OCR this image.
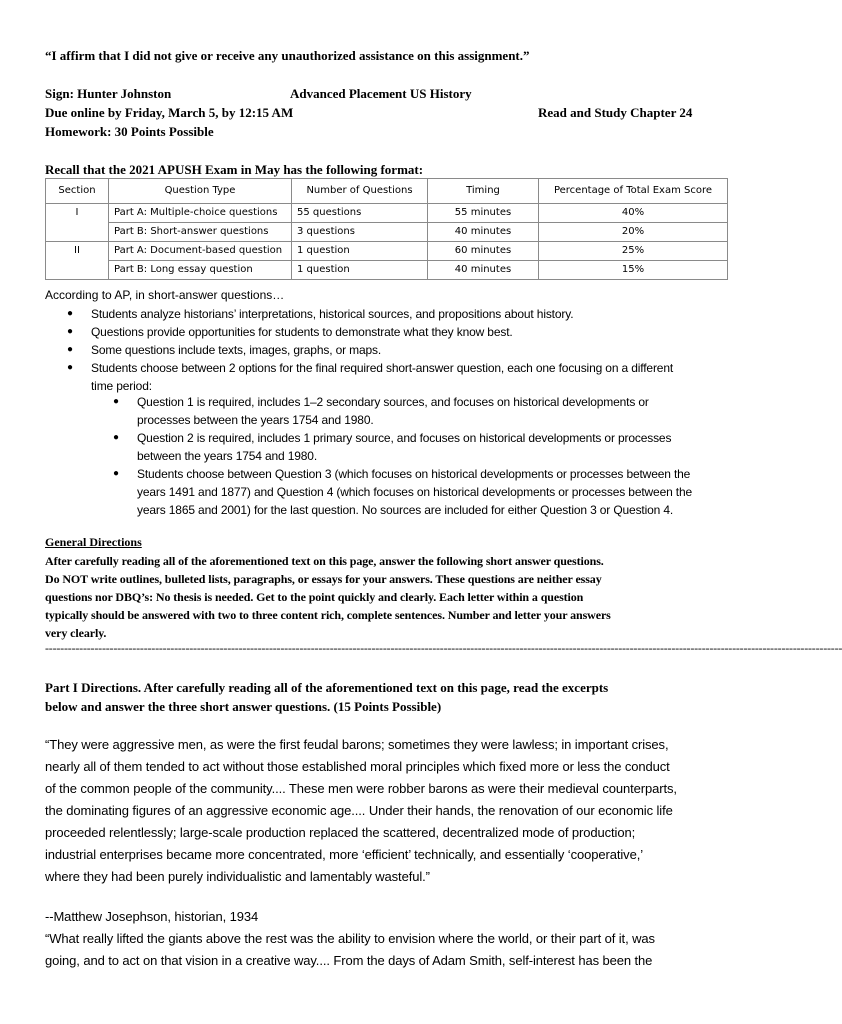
“I affirm that I did not give or receive any unauthorized assistance on this assignment.”
Sign: Hunter Johnston	Advanced Placement US History
Due online by Friday, March 5, by 12:15 AM	Read and Study Chapter 24
Homework: 30 Points Possible
Recall that the 2021 APUSH Exam in May has the following format:
Section	Question Type	Number of Questions	Timing	Percentage of Total Exam Score
I	Part A: Multiple-choice questions	55 questions	55 minutes	40%
	Part B: Short-answer questions	3 questions	40 minutes	20%
II	Part A: Document-based question	1 question	60 minutes	25%
	Part B: Long essay question	1 question	40 minutes	15%
According to AP, in short-answer questions…
● Students analyze historians’ interpretations, historical sources, and propositions about history.
● Questions provide opportunities for students to demonstrate what they know best.
● Some questions include texts, images, graphs, or maps.
● Students choose between 2 options for the final required short-answer question, each one focusing on a different
time period:
● Question 1 is required, includes 1–2 secondary sources, and focuses on historical developments or
processes between the years 1754 and 1980.
● Question 2 is required, includes 1 primary source, and focuses on historical developments or processes
between the years 1754 and 1980.
● Students choose between Question 3 (which focuses on historical developments or processes between the
years 1491 and 1877) and Question 4 (which focuses on historical developments or processes between the
years 1865 and 2001) for the last question. No sources are included for either Question 3 or Question 4.
General Directions
After carefully reading all of the aforementioned text on this page, answer the following short answer questions.
Do NOT write outlines, bulleted lists, paragraphs, or essays for your answers. These questions are neither essay
questions nor DBQ’s: No thesis is needed. Get to the point quickly and clearly. Each letter within a question
typically should be answered with two to three content rich, complete sentences. Number and letter your answers
very clearly.
------------------------------------------------------------------------------------------------------------------------------------------------------------------------------------------------------------------
Part I Directions. After carefully reading all of the aforementioned text on this page, read the excerpts
below and answer the three short answer questions. (15 Points Possible)
“They were aggressive men, as were the first feudal barons; sometimes they were lawless; in important crises,
nearly all of them tended to act without those established moral principles which fixed more or less the conduct
of the common people of the community.... These men were robber barons as were their medieval counterparts,
the dominating figures of an aggressive economic age.... Under their hands, the renovation of our economic life
proceeded relentlessly; large-scale production replaced the scattered, decentralized mode of production;
industrial enterprises became more concentrated, more ‘efficient’ technically, and essentially ‘cooperative,’
where they had been purely individualistic and lamentably wasteful.”
--Matthew Josephson, historian, 1934
“What really lifted the giants above the rest was the ability to envision where the world, or their part of it, was
going, and to act on that vision in a creative way.... From the days of Adam Smith, self-interest has been the
